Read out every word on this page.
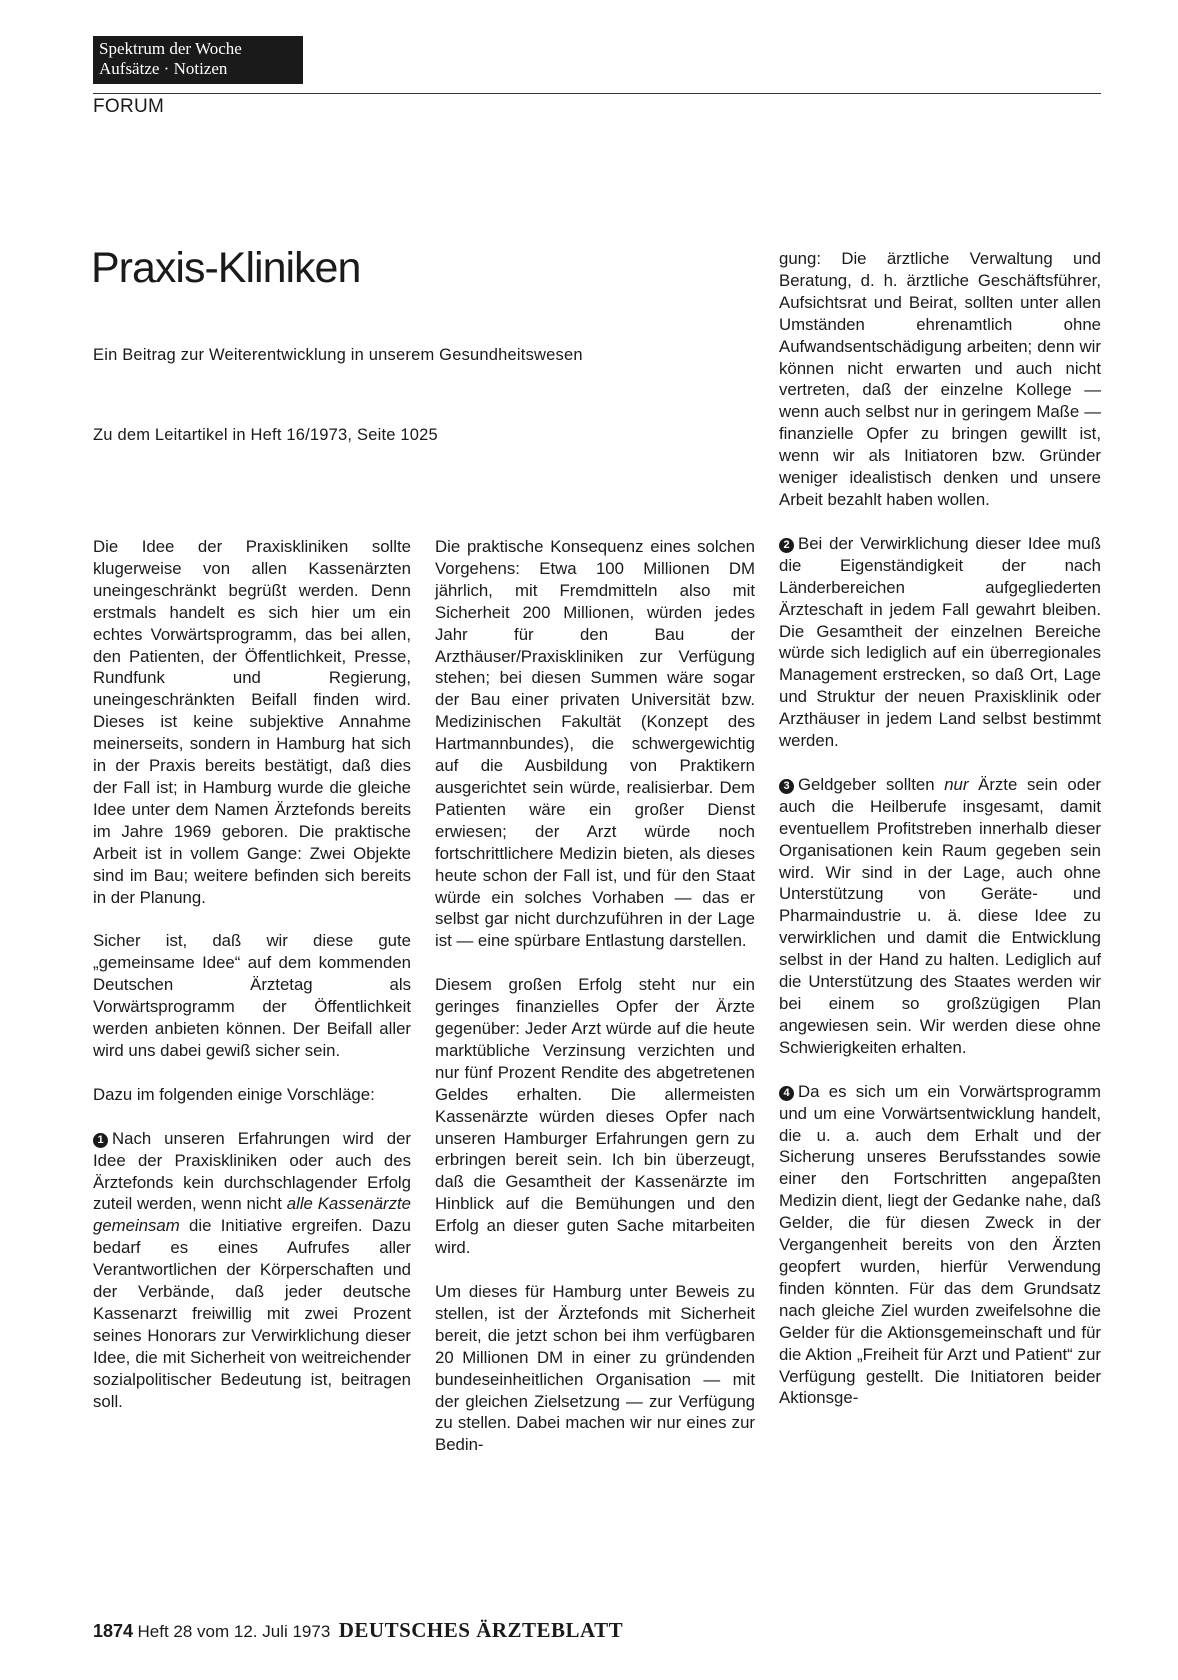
Spektrum der Woche
Aufsätze · Notizen
FORUM
Praxis-Kliniken
Ein Beitrag zur Weiterentwicklung in unserem Gesundheitswesen
Zu dem Leitartikel in Heft 16/1973, Seite 1025

Die Idee der Praxiskliniken sollte klugerweise von allen Kassenärzten uneingeschränkt begrüßt werden. Denn erstmals handelt es sich hier um ein echtes Vorwärtsprogramm, das bei allen, den Patienten, der Öffentlichkeit, Presse, Rundfunk und Regierung, uneingeschränkten Beifall finden wird. Dieses ist keine subjektive Annahme meinerseits, sondern in Hamburg hat sich in der Praxis bereits bestätigt, daß dies der Fall ist; in Hamburg wurde die gleiche Idee unter dem Namen Ärztefonds bereits im Jahre 1969 geboren. Die praktische Arbeit ist in vollem Gange: Zwei Objekte sind im Bau; weitere befinden sich bereits in der Planung.

Sicher ist, daß wir diese gute „gemeinsame Idee“ auf dem kommenden Deutschen Ärztetag als Vorwärtsprogramm der Öffentlichkeit werden anbieten können. Der Beifall aller wird uns dabei gewiß sicher sein.

Dazu im folgenden einige Vorschläge:

1 Nach unseren Erfahrungen wird der Idee der Praxiskliniken oder auch des Ärztefonds kein durchschlagender Erfolg zuteil werden, wenn nicht alle Kassenärzte gemeinsam die Initiative ergreifen. Dazu bedarf es eines Aufrufes aller Verantwortlichen der Körperschaften und der Verbände, daß jeder deutsche Kassenarzt freiwillig mit zwei Prozent seines Honorars zur Verwirklichung dieser Idee, die mit Sicherheit von weitreichender sozialpolitischer Bedeutung ist, beitragen soll.

Die praktische Konsequenz eines solchen Vorgehens: Etwa 100 Millionen DM jährlich, mit Fremdmitteln also mit Sicherheit 200 Millionen, würden jedes Jahr für den Bau der Arzthäuser/Praxiskliniken zur Verfügung stehen; bei diesen Summen wäre sogar der Bau einer privaten Universität bzw. Medizinischen Fakultät (Konzept des Hartmannbundes), die schwergewichtig auf die Ausbildung von Praktikern ausgerichtet sein würde, realisierbar. Dem Patienten wäre ein großer Dienst erwiesen; der Arzt würde noch fortschrittlichere Medizin bieten, als dieses heute schon der Fall ist, und für den Staat würde ein solches Vorhaben — das er selbst gar nicht durchzuführen in der Lage ist — eine spürbare Entlastung darstellen.

Diesem großen Erfolg steht nur ein geringes finanzielles Opfer der Ärzte gegenüber: Jeder Arzt würde auf die heute marktübliche Verzinsung verzichten und nur fünf Prozent Rendite des abgetretenen Geldes erhalten. Die allermeisten Kassenärzte würden dieses Opfer nach unseren Hamburger Erfahrungen gern zu erbringen bereit sein. Ich bin überzeugt, daß die Gesamtheit der Kassenärzte im Hinblick auf die Bemühungen und den Erfolg an dieser guten Sache mitarbeiten wird.

Um dieses für Hamburg unter Beweis zu stellen, ist der Ärztefonds mit Sicherheit bereit, die jetzt schon bei ihm verfügbaren 20 Millionen DM in einer zu gründenden bundeseinheitlichen Organisation — mit der gleichen Zielsetzung — zur Verfügung zu stellen. Dabei machen wir nur eines zur Bedin-

gung: Die ärztliche Verwaltung und Beratung, d. h. ärztliche Geschäftsführer, Aufsichtsrat und Beirat, sollten unter allen Umständen ehrenamtlich ohne Aufwandsentschädigung arbeiten; denn wir können nicht erwarten und auch nicht vertreten, daß der einzelne Kollege — wenn auch selbst nur in geringem Maße — finanzielle Opfer zu bringen gewillt ist, wenn wir als Initiatoren bzw. Gründer weniger idealistisch denken und unsere Arbeit bezahlt haben wollen.

2 Bei der Verwirklichung dieser Idee muß die Eigenständigkeit der nach Länderbereichen aufgegliederten Ärzteschaft in jedem Fall gewahrt bleiben. Die Gesamtheit der einzelnen Bereiche würde sich lediglich auf ein überregionales Management erstrecken, so daß Ort, Lage und Struktur der neuen Praxisklinik oder Arzthäuser in jedem Land selbst bestimmt werden.

3 Geldgeber sollten nur Ärzte sein oder auch die Heilberufe insgesamt, damit eventuellem Profitstreben innerhalb dieser Organisationen kein Raum gegeben sein wird. Wir sind in der Lage, auch ohne Unterstützung von Geräte- und Pharmaindustrie u. ä. diese Idee zu verwirklichen und damit die Entwicklung selbst in der Hand zu halten. Lediglich auf die Unterstützung des Staates werden wir bei einem so großzügigen Plan angewiesen sein. Wir werden diese ohne Schwierigkeiten erhalten.

4 Da es sich um ein Vorwärtsprogramm und um eine Vorwärtsentwicklung handelt, die u. a. auch dem Erhalt und der Sicherung unseres Berufsstandes sowie einer den Fortschritten angepaßten Medizin dient, liegt der Gedanke nahe, daß Gelder, die für diesen Zweck in der Vergangenheit bereits von den Ärzten geopfert wurden, hierfür Verwendung finden könnten. Für das dem Grundsatz nach gleiche Ziel wurden zweifelsohne die Gelder für die Aktionsgemeinschaft und für die Aktion „Freiheit für Arzt und Patient“ zur Verfügung gestellt. Die Initiatoren beider Aktionsge-

1874 Heft 28 vom 12. Juli 1973 DEUTSCHES ÄRZTEBLATT
